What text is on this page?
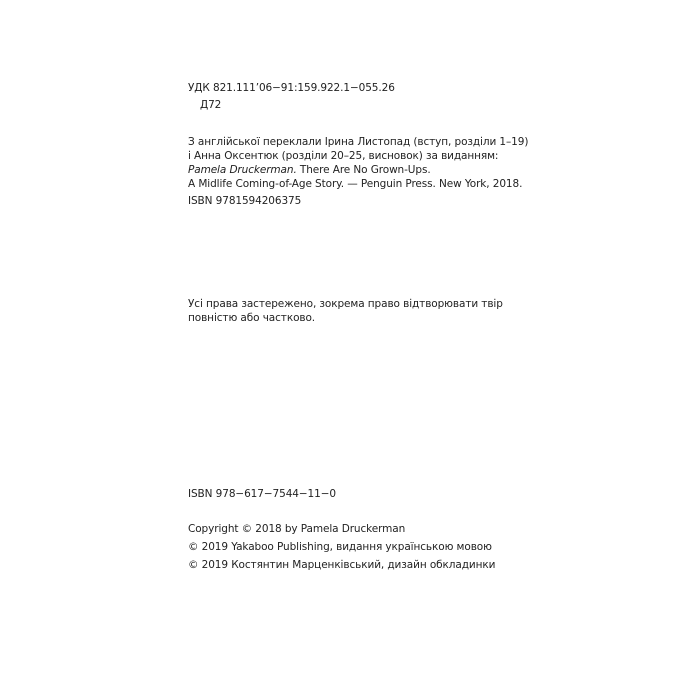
УДК 821.111’06−91:159.922.1−055.26
Д72
З англійської переклали Ірина Листопад (вступ, розділи 1–19)
і Анна Оксентюк (розділи 20–25, висновок) за виданням:
Pamela Druckerman. There Are No Grown-Ups.
A Midlife Coming-of-Age Story. — Penguin Press. New York, 2018.
ISBN 9781594206375
Усі права застережено, зокрема право відтворювати твір
повністю або частково.
ISBN 978−617−7544−11−0
Copyright © 2018 by Pamela Druckerman
© 2019 Yakaboo Publishing, видання українською мовою
© 2019 Костянтин Марценківський, дизайн обкладинки
